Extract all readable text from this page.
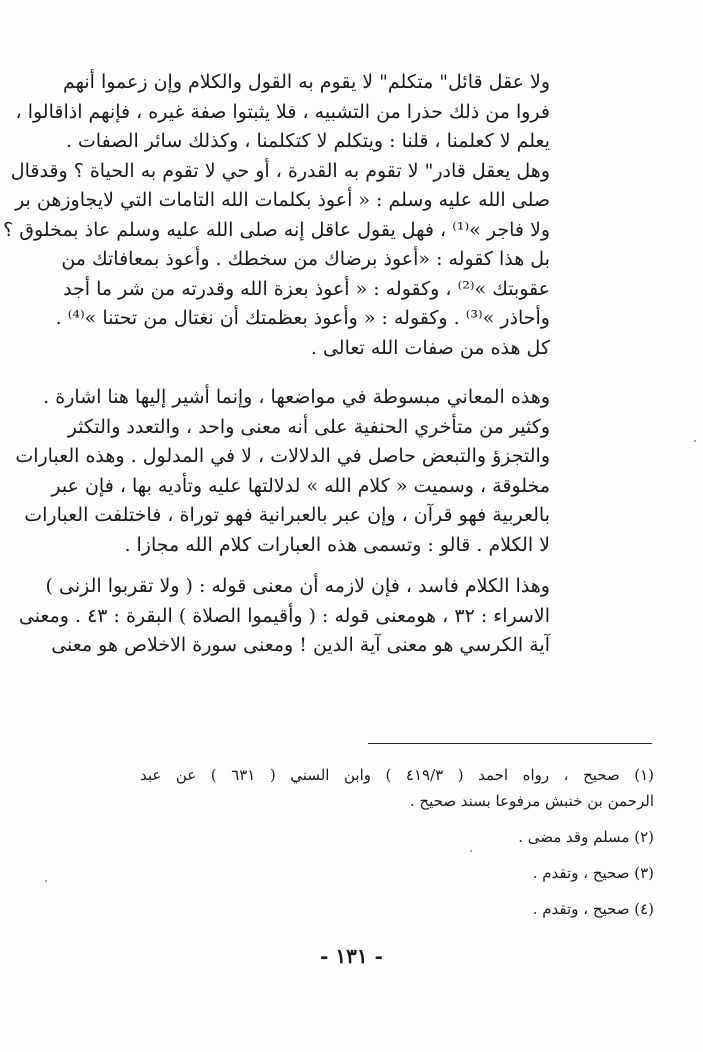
ولا عقل قائل" متكلم" لا يقوم به القول والكلام وإن زعموا أنهم
فروا من ذلك حذرا من التشبيه ، فلا يثبتوا صفة غيره ، فإنهم اذاقالوا ،
يعلم لا كعلمنا ، قلنا : ويتكلم لا كتكلمنا ، وكذلك سائر الصفات .
وهل يعقل قادر" لا تقوم به القدرة ، أو حي لا تقوم به الحياة ؟ وقدقال
صلى الله عليه وسلم : « أعوذ بكلمات الله التامات التي لايجاوزهن بر
ولا فاجر »⁽¹⁾ ، فهل يقول عاقل إنه صلى الله عليه وسلم عاذ بمخلوق ؟
بل هذا كقوله : «أعوذ برضاك من سخطك . وأعوذ بمعافاتك من
عقوبتك »⁽²⁾ ، وكقوله : « أعوذ بعزة الله وقدرته من شر ما أجد
وأحاذر »⁽³⁾ . وكقوله : « وأعوذ بعظمتك أن نغتال من تحتنا »⁽⁴⁾ .
كل هذه من صفات الله تعالى .
وهذه المعاني مبسوطة في مواضعها ، وإنما أشير إليها هنا اشارة .
وكثير من متأخري الحنفية على أنه معنى واحد ، والتعدد والتكثر
والتجزؤ والتبعض حاصل في الدلالات ، لا في المدلول . وهذه العبارات
مخلوقة ، وسميت « كلام الله » لدلالتها عليه وتأديه بها ، فإن عبر
بالعربية فهو قرآن ، وإن عبر بالعبرانية فهو توراة ، فاختلفت العبارات
لا الكلام . قالو : وتسمى هذه العبارات كلام الله مجازا .
وهذا الكلام فاسد ، فإن لازمه أن معنى قوله : ( ولا تقربوا الزنى )
الاسراء : ٣٢ ، هومعنى قوله : ( وأقيموا الصلاة ) البقرة : ٤٣ . ومعنى
آية الكرسي هو معنى آية الدين ! ومعنى سورة الاخلاص هو معنى
(١) صحيح ، رواه احمد ( ٤١٩/٣ ) وابن السني ( ٦٣١ ) عن عبد
الرحمن بن خنبش مرفوعا بسند صحيح .
(٢) مسلم وقد مضى .
(٣) صحيح ، وتقدم .
(٤) صحيح ، وتقدم .
- ١٣١ -
